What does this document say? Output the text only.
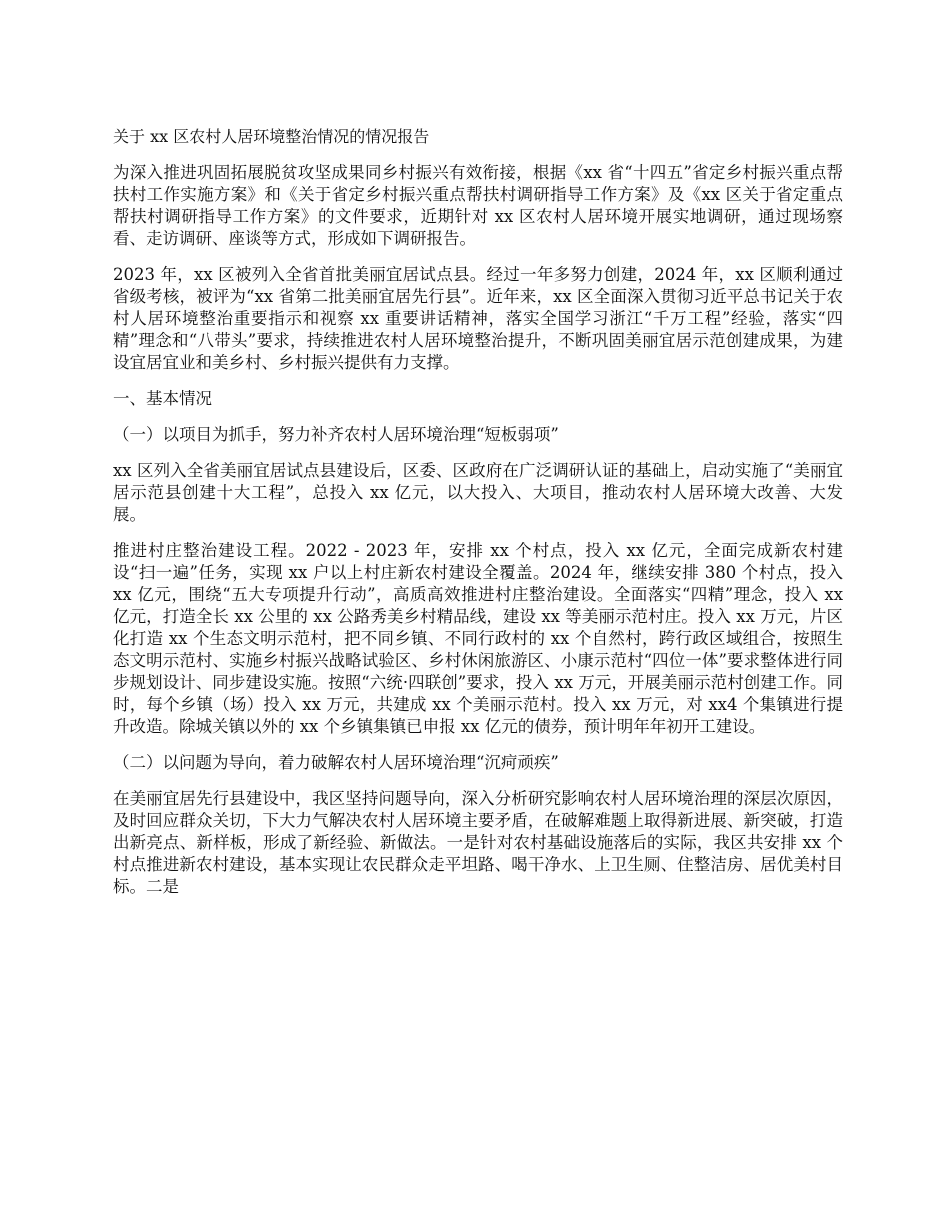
关于 xx 区农村人居环境整治情况的情况报告

为深入推进巩固拓展脱贫攻坚成果同乡村振兴有效衔接，根据《xx 省“十四五”省定乡村振兴重点帮扶村工作实施方案》和《关于省定乡村振兴重点帮扶村调研指导工作方案》及《xx 区关于省定重点帮扶村调研指导工作方案》的文件要求，近期针对 xx 区农村人居环境开展实地调研，通过现场察看、走访调研、座谈等方式，形成如下调研报告。

2023 年，xx 区被列入全省首批美丽宜居试点县。经过一年多努力创建，2024 年，xx 区顺利通过省级考核，被评为“xx 省第二批美丽宜居先行县”。近年来，xx 区全面深入贯彻习近平总书记关于农村人居环境整治重要指示和视察 xx 重要讲话精神，落实全国学习浙江“千万工程”经验，落实“四精”理念和“八带头”要求，持续推进农村人居环境整治提升，不断巩固美丽宜居示范创建成果，为建设宜居宜业和美乡村、乡村振兴提供有力支撑。

一、基本情况
（一）以项目为抓手，努力补齐农村人居环境治理“短板弱项”

xx 区列入全省美丽宜居试点县建设后，区委、区政府在广泛调研认证的基础上，启动实施了“美丽宜居示范县创建十大工程”，总投入 xx 亿元，以大投入、大项目，推动农村人居环境大改善、大发展。

推进村庄整治建设工程。2022 - 2023 年，安排 xx 个村点，投入 xx 亿元，全面完成新农村建设“扫一遍”任务，实现 xx 户以上村庄新农村建设全覆盖。2024 年，继续安排 380 个村点，投入 xx 亿元，围绕“五大专项提升行动”，高质高效推进村庄整治建设。全面落实“四精”理念，投入 xx 亿元，打造全长 xx 公里的 xx 公路秀美乡村精品线，建设 xx 等美丽示范村庄。投入 xx 万元，片区化打造 xx 个生态文明示范村，把不同乡镇、不同行政村的 xx 个自然村，跨行政区域组合，按照生态文明示范村、实施乡村振兴战略试验区、乡村休闲旅游区、小康示范村“四位一体”要求整体进行同步规划设计、同步建设实施。按照“六统·四联创”要求，投入 xx 万元，开展美丽示范村创建工作。同时，每个乡镇（场）投入 xx 万元，共建成 xx 个美丽示范村。投入 xx 万元，对 xx4 个集镇进行提升改造。除城关镇以外的 xx 个乡镇集镇已申报 xx 亿元的债券，预计明年年初开工建设。

（二）以问题为导向，着力破解农村人居环境治理“沉疴顽疾”

在美丽宜居先行县建设中，我区坚持问题导向，深入分析研究影响农村人居环境治理的深层次原因，及时回应群众关切，下大力气解决农村人居环境主要矛盾，在破解难题上取得新进展、新突破，打造出新亮点、新样板，形成了新经验、新做法。一是针对农村基础设施落后的实际，我区共安排 xx 个村点推进新农村建设，基本实现让农民群众走平坦路、喝干净水、上卫生厕、住整洁房、居优美村目标。二是
